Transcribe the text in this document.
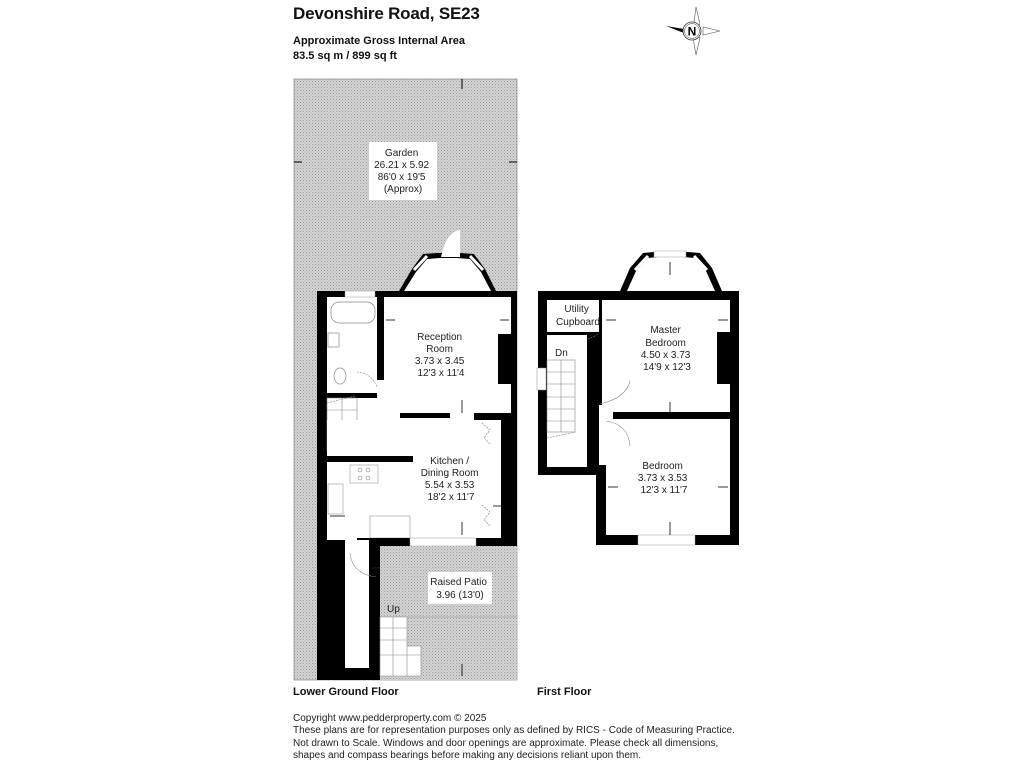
Devonshire Road, SE23
Approximate Gross Internal Area
83.5 sq m / 899 sq ft
N
Garden 26.21 x 5.92 86'0 x 19'5 (Approx)
Reception Room 3.73 x 3.45 12'3 x 11'4
Kitchen / Dining Room 5.54 x 3.53 18'2 x 11'7
Raised Patio 3.96 (13'0)
Up
Utility Cupboard
Dn
Master Bedroom 4.50 x 3.73 14'9 x 12'3
Bedroom 3.73 x 3.53 12'3 x 11'7
Lower Ground Floor	First Floor
Copyright www.pedderproperty.com © 2025
These plans are for representation purposes only as defined by RICS - Code of Measuring Practice.
Not drawn to Scale. Windows and door openings are approximate. Please check all dimensions,
shapes and compass bearings before making any decisions reliant upon them.
